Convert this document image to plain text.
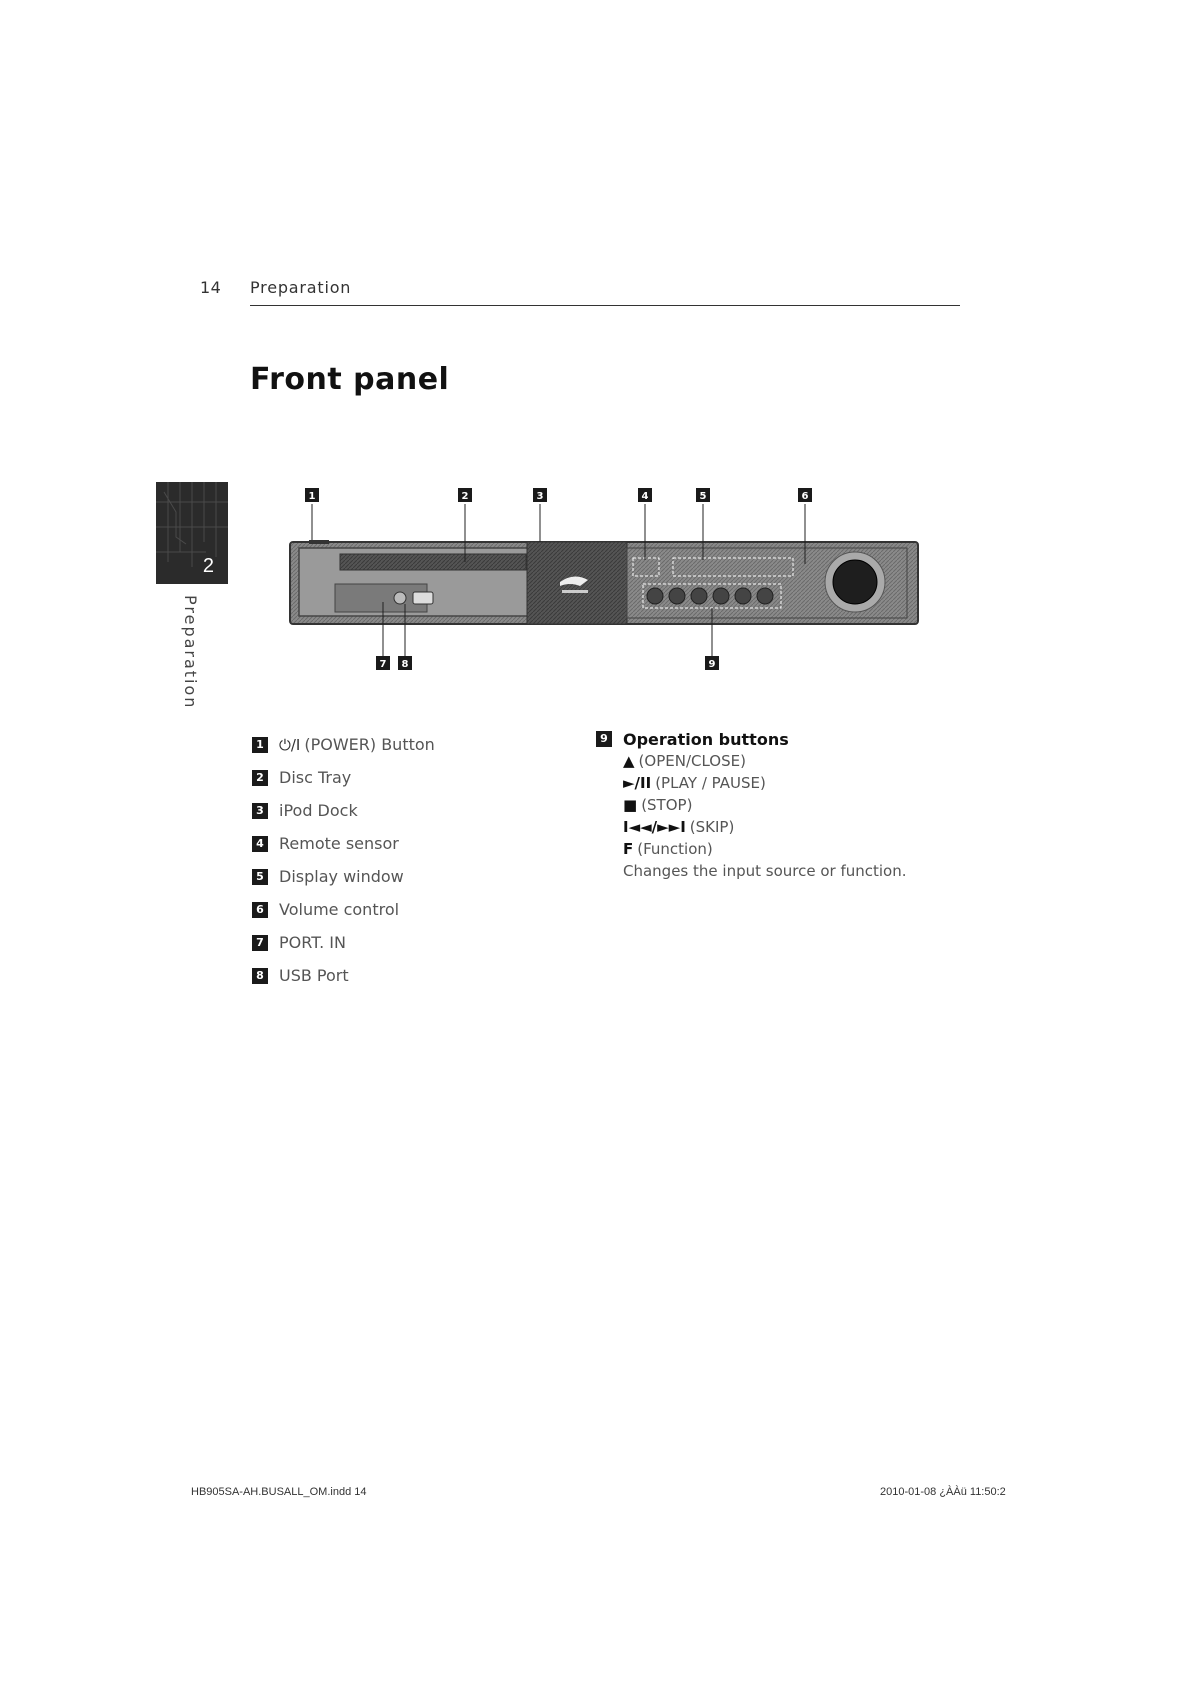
14 Preparation
Front panel
2
Preparation
1	2	3	4	5	6
7 8	9
1 ⏻/I (POWER) Button
2 Disc Tray
3 iPod Dock
4 Remote sensor
5 Display window
6 Volume control
7 PORT. IN
8 USB Port
9 Operation buttons
▲ (OPEN/CLOSE)
►/II (PLAY / PAUSE)
■ (STOP)
I◄◄/►►I (SKIP)
F (Function)
Changes the input source or function.
HB905SA-AH.BUSALL_OM.indd 14	2010-01-08 ¿ÀÀü 11:50:2
